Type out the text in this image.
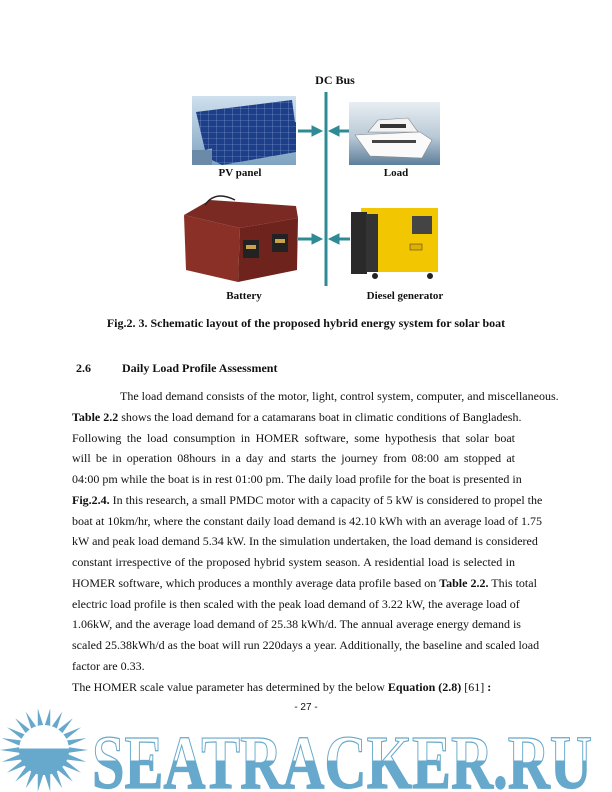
DC Bus
PV panel	Load
Battery	Diesel generator
Fig.2. 3. Schematic layout of the proposed hybrid energy system for solar boat
2.6	Daily Load Profile Assessment
The load demand consists of the motor, light, control system, computer, and miscellaneous.
Table 2.2 shows the load demand for a catamarans boat in climatic conditions of Bangladesh.
Following the load consumption in HOMER software, some hypothesis that solar boat
will be in operation 08hours in a day and starts the journey from 08:00 am stopped at
04:00 pm while the boat is in rest 01:00 pm. The daily load profile for the boat is presented in
Fig.2.4. In this research, a small PMDC motor with a capacity of 5 kW is considered to propel the
boat at 10km/hr, where the constant daily load demand is 42.10 kWh with an average load of 1.75
kW and peak load demand 5.34 kW. In the simulation undertaken, the load demand is considered
constant irrespective of the proposed hybrid system season. A residential load is selected in
HOMER software, which produces a monthly average data profile based on Table 2.2. This total
electric load profile is then scaled with the peak load demand of 3.22 kW, the average load of
1.06kW, and the average load demand of 25.38 kWh/d. The annual average energy demand is
scaled 25.38kWh/d as the boat will run 220days a year. Additionally, the baseline and scaled load
factor are 0.33.
The HOMER scale value parameter has determined by the below Equation (2.8) [61] :
- 27 -
SEATRACKER.RU
